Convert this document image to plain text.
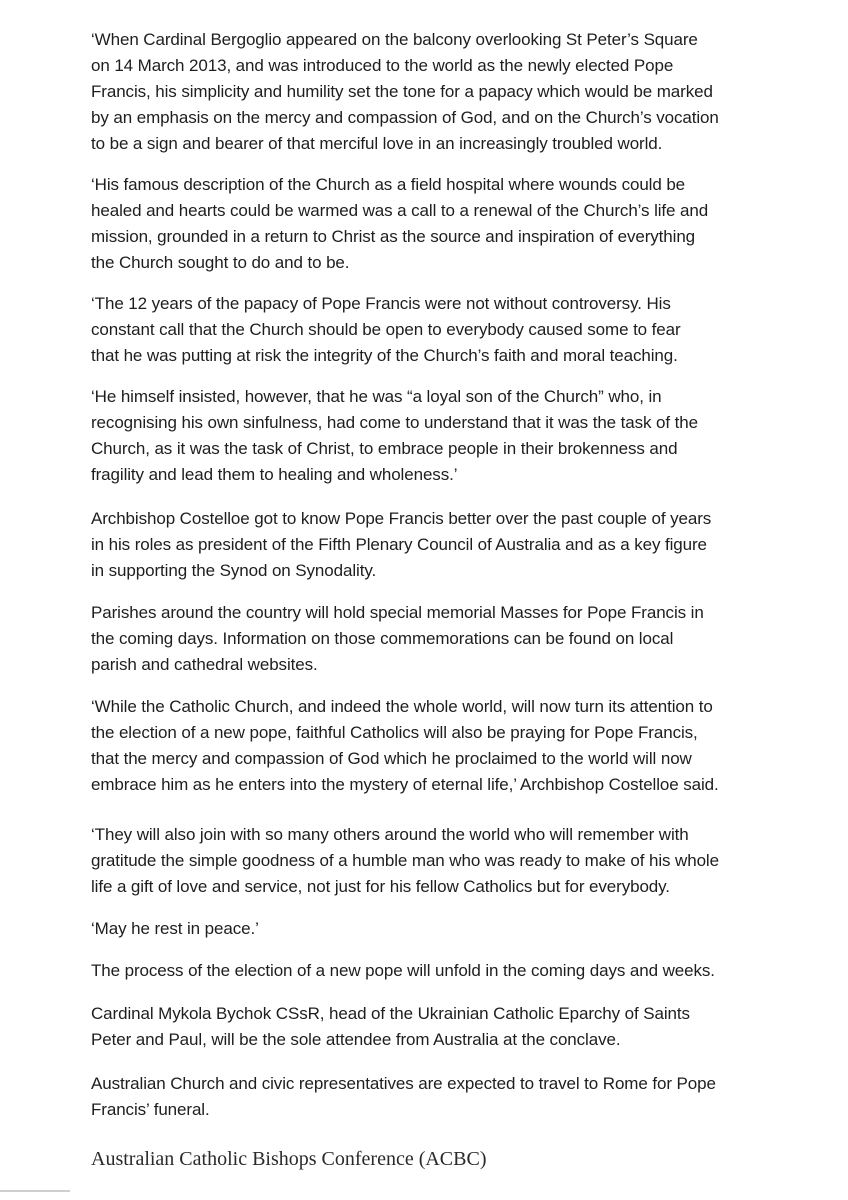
‘When Cardinal Bergoglio appeared on the balcony overlooking St Peter’s Square
on 14 March 2013, and was introduced to the world as the newly elected Pope
Francis, his simplicity and humility set the tone for a papacy which would be marked
by an emphasis on the mercy and compassion of God, and on the Church’s vocation
to be a sign and bearer of that merciful love in an increasingly troubled world.

‘His famous description of the Church as a field hospital where wounds could be
healed and hearts could be warmed was a call to a renewal of the Church’s life and
mission, grounded in a return to Christ as the source and inspiration of everything
the Church sought to do and to be.

‘The 12 years of the papacy of Pope Francis were not without controversy. His
constant call that the Church should be open to everybody caused some to fear
that he was putting at risk the integrity of the Church’s faith and moral teaching.

‘He himself insisted, however, that he was “a loyal son of the Church” who, in
recognising his own sinfulness, had come to understand that it was the task of the
Church, as it was the task of Christ, to embrace people in their brokenness and
fragility and lead them to healing and wholeness.’

Archbishop Costelloe got to know Pope Francis better over the past couple of years
in his roles as president of the Fifth Plenary Council of Australia and as a key figure
in supporting the Synod on Synodality.

Parishes around the country will hold special memorial Masses for Pope Francis in
the coming days. Information on those commemorations can be found on local
parish and cathedral websites.

‘While the Catholic Church, and indeed the whole world, will now turn its attention to
the election of a new pope, faithful Catholics will also be praying for Pope Francis,
that the mercy and compassion of God which he proclaimed to the world will now
embrace him as he enters into the mystery of eternal life,’ Archbishop Costelloe said.

‘They will also join with so many others around the world who will remember with
gratitude the simple goodness of a humble man who was ready to make of his whole
life a gift of love and service, not just for his fellow Catholics but for everybody.

‘May he rest in peace.’

The process of the election of a new pope will unfold in the coming days and weeks.

Cardinal Mykola Bychok CSsR, head of the Ukrainian Catholic Eparchy of Saints
Peter and Paul, will be the sole attendee from Australia at the conclave.

Australian Church and civic representatives are expected to travel to Rome for Pope
Francis’ funeral.

Australian Catholic Bishops Conference (ACBC)
